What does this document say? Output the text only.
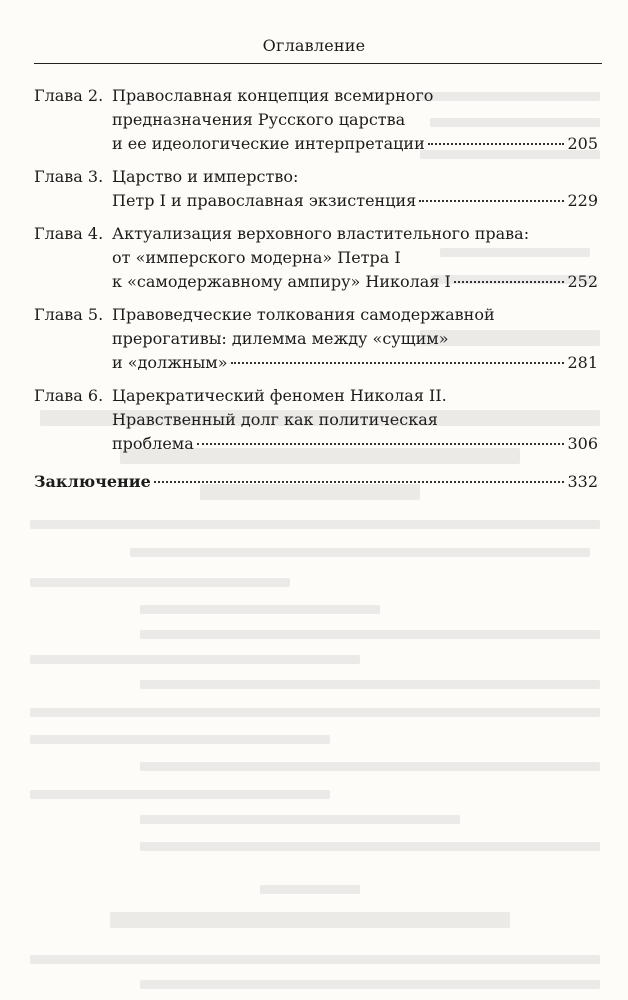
Оглавление
Глава 2. Православная концепция всемирного
предназначения Русского царства
и ее идеологические интерпретации	205
Глава 3. Царство и имперство:
Петр I и православная экзистенция	229
Глава 4. Актуализация верховного властительного права:
от «имперского модерна» Петра I
к «самодержавному ампиру» Николая I	252
Глава 5. Правоведческие толкования самодержавной
прерогативы: дилемма между «сущим»
и «должным»	281
Глава 6. Царекратический феномен Николая II.
Нравственный долг как политическая
проблема	306
Заключение	332
